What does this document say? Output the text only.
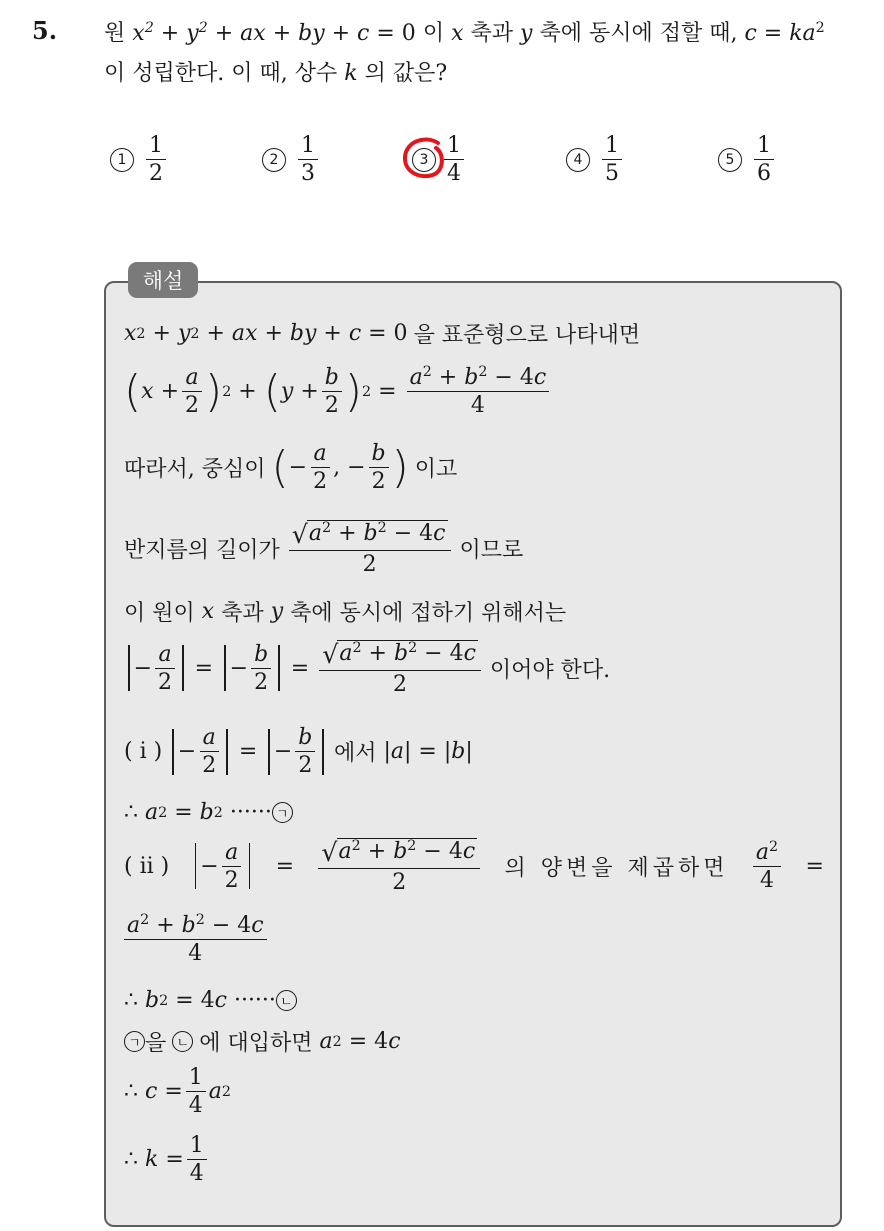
5. 원 $x^2 + y^2$ + ax + by + c = 0 이 x 축과 y 축에 동시에 접할 때, $c = ka^2$
이 성립한다. 이 때, 상수 k 의 값은?
$1 \frac{1}{2}$	$2 \frac{1}{3}$	$3 \frac{1}{4}$	$4 \frac{1}{5}$	$5 \frac{1}{6}$
해설
x 2 + y 2 + ax + by + c = 0 을 표준형으로 나타내면
( $x + \frac{a}{2}$ ) 2 + ( $y + \frac{b}{2}$ ) $2 = \frac{a^2 + b^2 - 4c}{4}$
따라서, 중심이 ( − $\frac{a}{2}$ , − $\frac{b}{2}$ ) 이고
반지름의 길이가 $\frac{√ a^2 + b^2 - 4c}{2}$ 이므로
이 원이
x
축과
y
축에 동시에 접하기 위해서는
− $\frac{a}{2}$ =
− $\frac{b}{2} = \frac{√ a^2 + b^2 - 4c}{2}$ 이어야 한다.
( i ) − $\frac{a}{2}$ =
− $\frac{b}{2}$ 에서 | a | = | b |
∴
a 2 = b 2
······ ㄱ
( ii )	− $\frac{a}{2} = \frac{√ a^2 + b^2 - 4c}{2}$ 의 양변을 제곱하면 $\frac{a^2}{4}$ =
$\frac{a^2 + b^2 - 4c}{4}$
∴
b 2 = 4 c
······ ㄴ
ㄱ 을 ㄴ 에 대입하면
a 2 = 4 c
∴
$c = \frac{1}{4}$ a 2
∴
$k = \frac{1}{4}$
